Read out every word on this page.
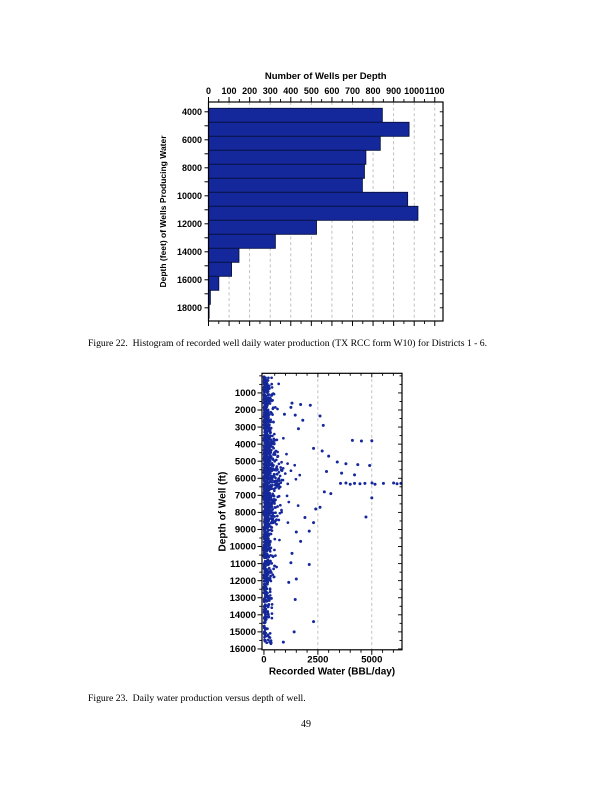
0 100 200 300 400 500 600 700 800 900 1000 1100
4000
6000
8000
10000
12000
14000
16000
18000
Number of Wells per Depth
Depth (feet) of Wells Producing Water
Figure 22.  Histogram of recorded well daily water production (TX RCC form W10) for Districts 1 - 6.
1000
2000
3000
4000
5000
6000
7000
8000
9000
10000
11000
12000
13000
14000
15000
16000
0	2500	5000
Recorded Water (BBL/day)
Depth of Well (ft)
Figure 23.  Daily water production versus depth of well.
49
